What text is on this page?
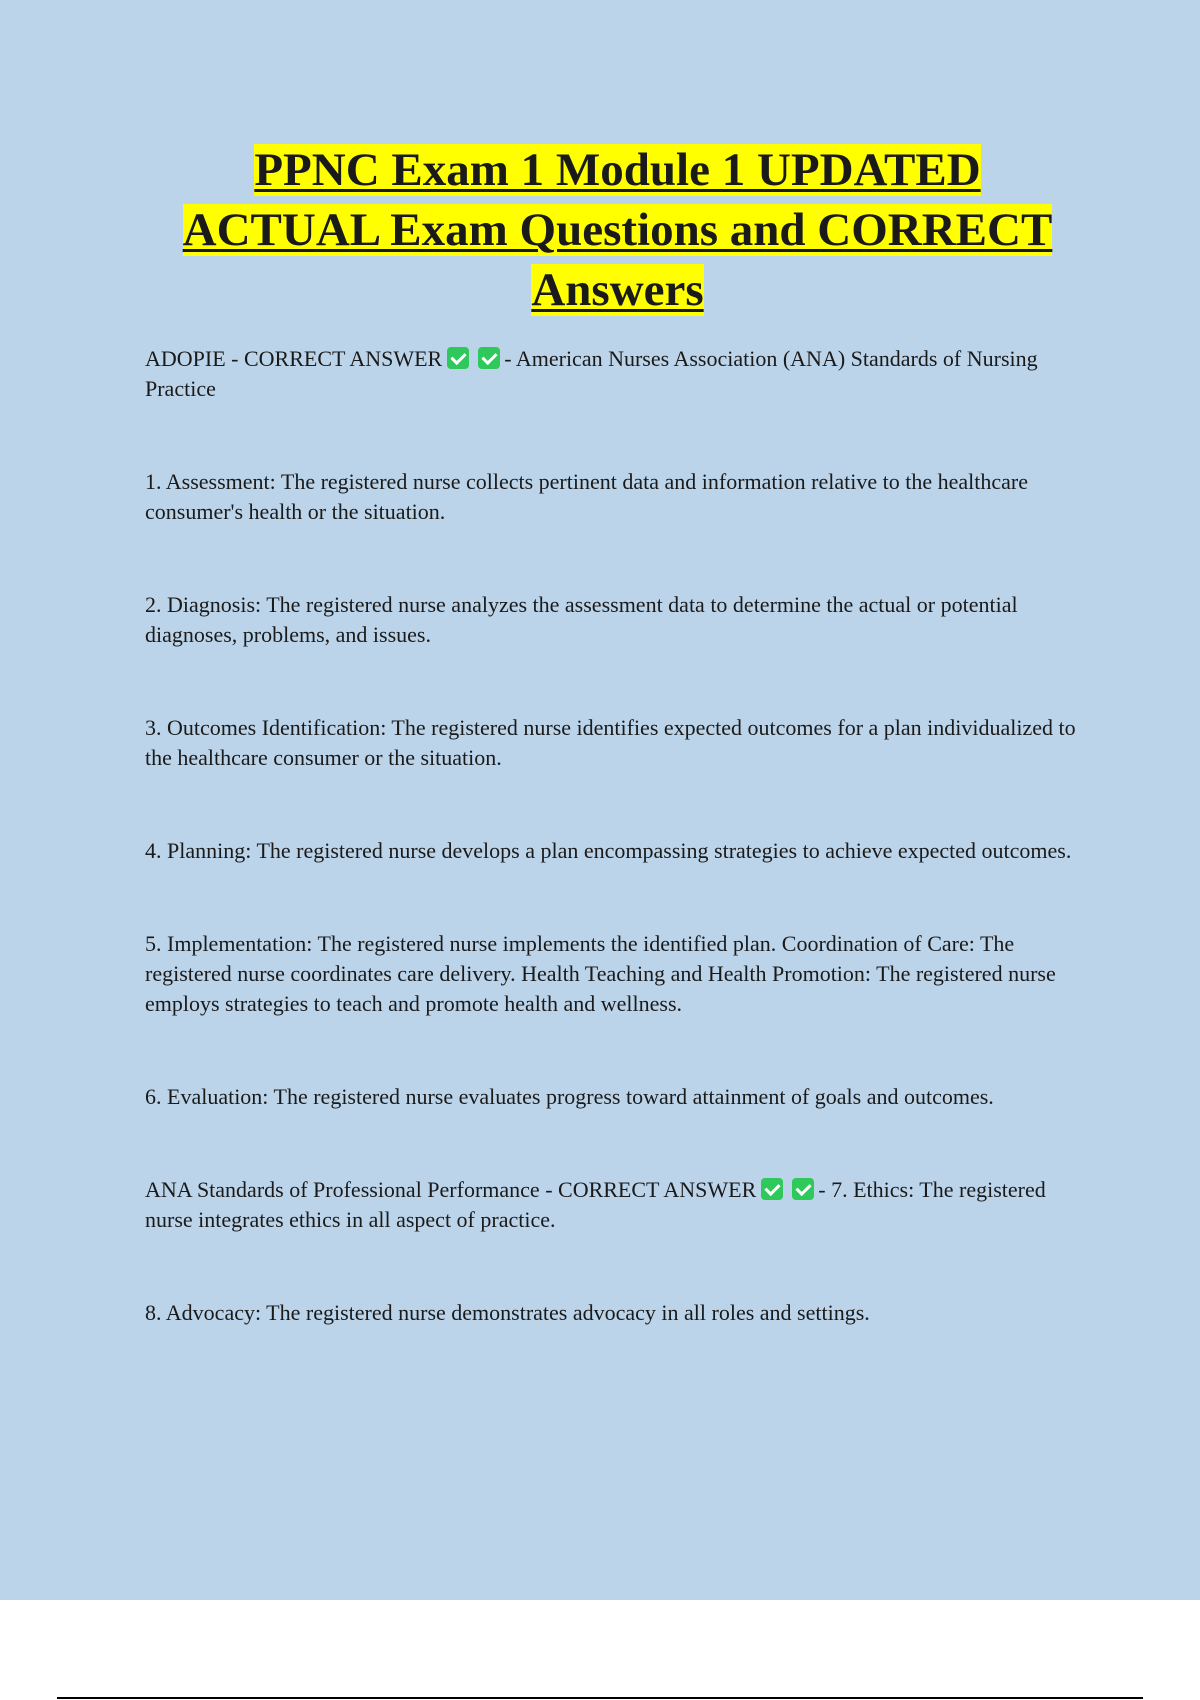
PPNC Exam 1 Module 1 UPDATED
ACTUAL Exam Questions and CORRECT
Answers

ADOPIE - CORRECT ANSWER	- American Nurses Association (ANA) Standards of Nursing Practice

1. Assessment: The registered nurse collects pertinent data and information relative to the healthcare consumer's health or the situation.

2. Diagnosis: The registered nurse analyzes the assessment data to determine the actual or potential diagnoses, problems, and issues.

3. Outcomes Identification: The registered nurse identifies expected outcomes for a plan individualized to the healthcare consumer or the situation.

4. Planning: The registered nurse develops a plan encompassing strategies to achieve expected outcomes.

5. Implementation: The registered nurse implements the identified plan. Coordination of Care: The registered nurse coordinates care delivery. Health Teaching and Health Promotion: The registered nurse employs strategies to teach and promote health and wellness.

6. Evaluation: The registered nurse evaluates progress toward attainment of goals and outcomes.

ANA Standards of Professional Performance - CORRECT ANSWER	- 7. Ethics: The registered nurse integrates ethics in all aspect of practice.

8. Advocacy: The registered nurse demonstrates advocacy in all roles and settings.
